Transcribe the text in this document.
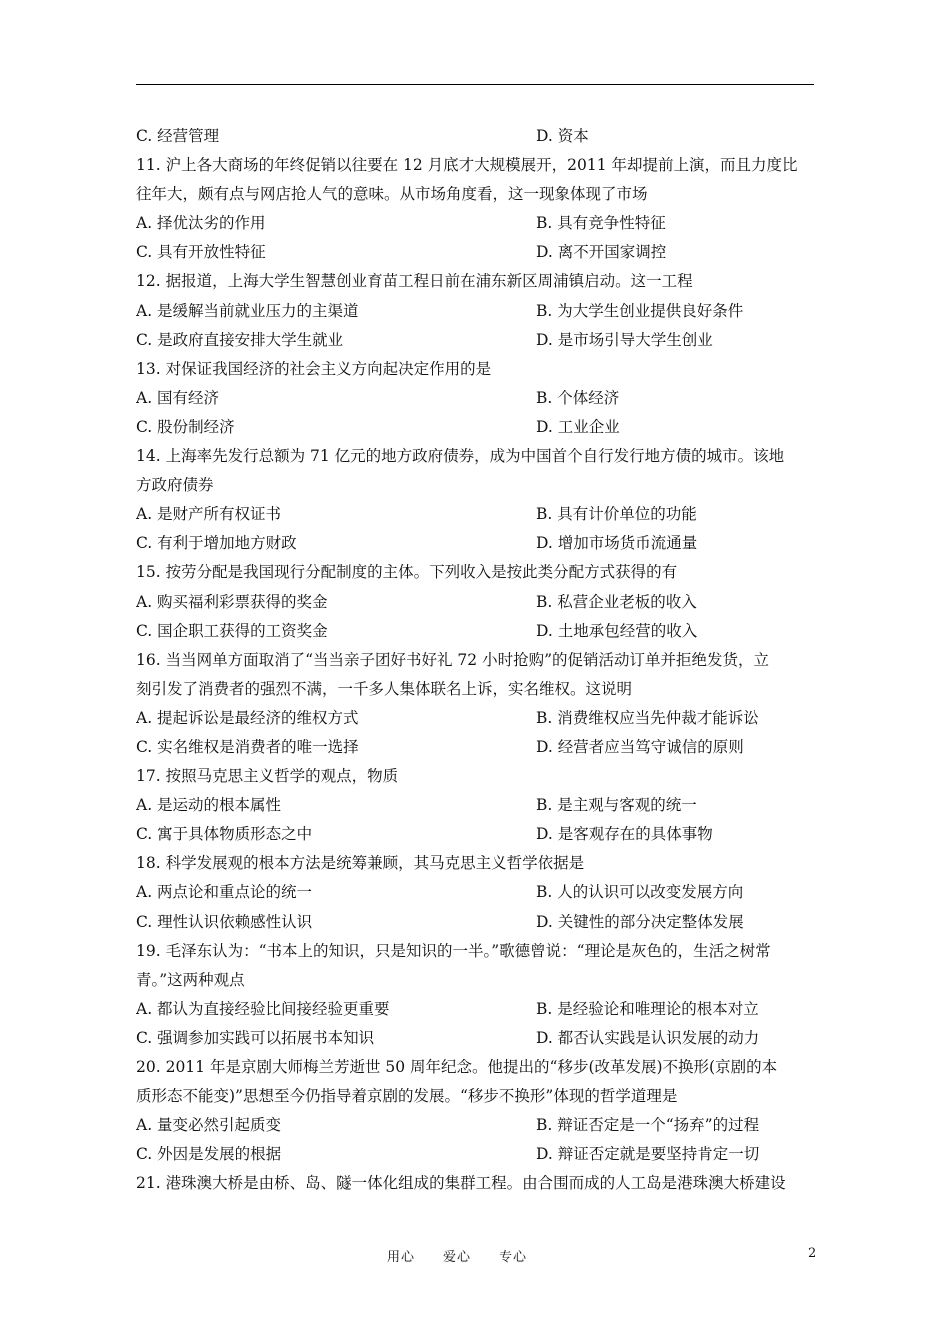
C. 经营管理	D. 资本
11. 沪上各大商场的年终促销以往要在 12 月底才大规模展开，2011 年却提前上演，而且力度比
往年大，颇有点与网店抢人气的意味。从市场角度看，这一现象体现了市场
A. 择优汰劣的作用	B. 具有竞争性特征
C. 具有开放性特征	D. 离不开国家调控
12. 据报道，上海大学生智慧创业育苗工程日前在浦东新区周浦镇启动。这一工程
A. 是缓解当前就业压力的主渠道	B. 为大学生创业提供良好条件
C. 是政府直接安排大学生就业	D. 是市场引导大学生创业
13. 对保证我国经济的社会主义方向起决定作用的是
A. 国有经济	B. 个体经济
C. 股份制经济	D. 工业企业
14. 上海率先发行总额为 71 亿元的地方政府债券，成为中国首个自行发行地方债的城市。该地
方政府债券
A. 是财产所有权证书	B. 具有计价单位的功能
C. 有利于增加地方财政	D. 增加市场货币流通量
15. 按劳分配是我国现行分配制度的主体。下列收入是按此类分配方式获得的有
A. 购买福利彩票获得的奖金	B. 私营企业老板的收入
C. 国企职工获得的工资奖金	D. 土地承包经营的收入
16. 当当网单方面取消了“当当亲子团好书好礼 72 小时抢购”的促销活动订单并拒绝发货，立
刻引发了消费者的强烈不满，一千多人集体联名上诉，实名维权。这说明
A. 提起诉讼是最经济的维权方式	B. 消费维权应当先仲裁才能诉讼
C. 实名维权是消费者的唯一选择	D. 经营者应当笃守诚信的原则
17. 按照马克思主义哲学的观点，物质
A. 是运动的根本属性	B. 是主观与客观的统一
C. 寓于具体物质形态之中	D. 是客观存在的具体事物
18. 科学发展观的根本方法是统筹兼顾，其马克思主义哲学依据是
A. 两点论和重点论的统一	B. 人的认识可以改变发展方向
C. 理性认识依赖感性认识	D. 关键性的部分决定整体发展
19. 毛泽东认为：“书本上的知识，只是知识的一半。”歌德曾说：“理论是灰色的，生活之树常
青。”这两种观点
A. 都认为直接经验比间接经验更重要	B. 是经验论和唯理论的根本对立
C. 强调参加实践可以拓展书本知识	D. 都否认实践是认识发展的动力
20. 2011 年是京剧大师梅兰芳逝世 50 周年纪念。他提出的“移步(改革发展)不换形(京剧的本
质形态不能变)”思想至今仍指导着京剧的发展。“移步不换形”体现的哲学道理是
A. 量变必然引起质变	B. 辩证否定是一个“扬弃”的过程
C. 外因是发展的根据	D. 辩证否定就是要坚持肯定一切
21. 港珠澳大桥是由桥、岛、隧一体化组成的集群工程。由合围而成的人工岛是港珠澳大桥建设
用心 爱心 专心	2
